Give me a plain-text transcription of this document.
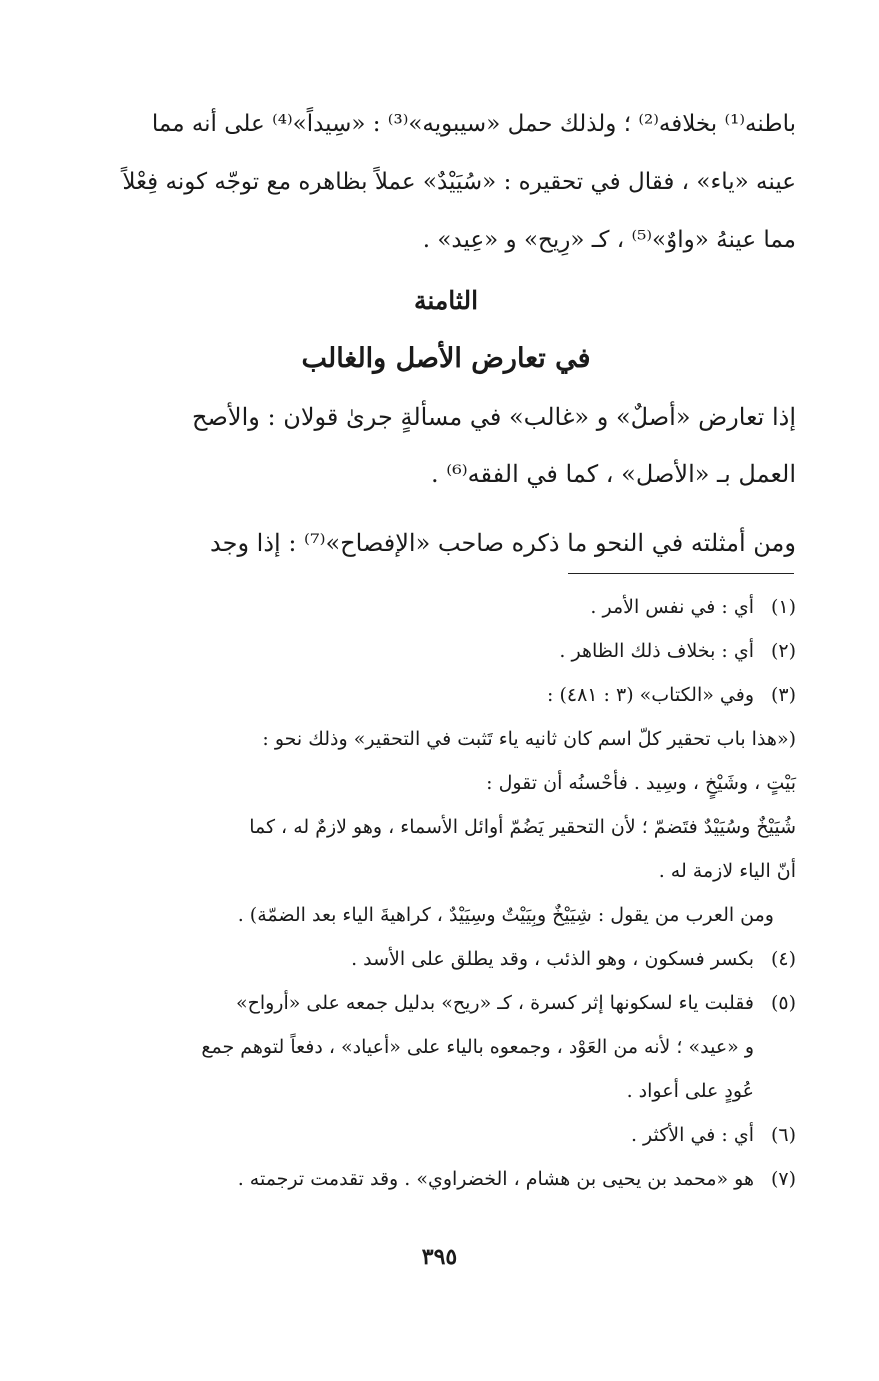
باطنه⁽¹⁾ بخلافه⁽²⁾ ؛ ولذلك حمل «سيبويه»⁽³⁾ : «سِيداً»⁽⁴⁾ على أنه مما

عينه «ياء» ، فقال في تحقيره : «سُيَيْدٌ» عملاً بظاهره مع توجّه كونه فِعْلاً

مما عينهُ «واوٌ»⁽⁵⁾ ، كـ «رِيح» و «عِيد» .

الثامنة

في تعارض الأصل والغالب

إذا تعارض «أصلٌ» و «غالب» في مسألةٍ جرىٰ قولان : والأصح

العمل بـ «الأصل» ، كما في الفقه⁽⁶⁾ .

ومن أمثلته في النحو ما ذكره صاحب «الإفصاح»⁽⁷⁾ : إذا وجد

(١)
أي : في نفس الأمر .
(٢)
أي : بخلاف ذلك الظاهر .
(٣)
وفي «الكتاب» (٣ : ٤٨١) :
(«هذا باب تحقير كلّ اسم كان ثانيه ياء تَثبت في التحقير» وذلك نحو :
بَيْتٍ ، وشَيْخٍ ، وسِيد . فأحْسنُه أن تقول :
شُيَيْخٌ وسُيَيْدٌ فتَضمّ ؛ لأن التحقير يَضُمّ أوائل الأسماء ، وهو لازمٌ له ، كما
أنّ الياء لازمة له .
ومن العرب من يقول : شِيَيْخٌ وبِيَيْتٌ وسِيَيْدٌ ، كراهيةَ الياء بعد الضمّة) .
(٤)
بكسر فسكون ، وهو الذئب ، وقد يطلق على الأسد .
(٥)
فقلبت ياء لسكونها إثر كسرة ، كـ «ريح» بدليل جمعه على «أرواح»
و «عيد» ؛ لأنه من العَوْد ، وجمعوه بالياء على «أعياد» ، دفعاً لتوهم جمع
عُودٍ على أعواد .
(٦)
أي : في الأكثر .
(٧)
هو «محمد بن يحيى بن هشام ، الخضراوي» . وقد تقدمت ترجمته .
٣٩٥
